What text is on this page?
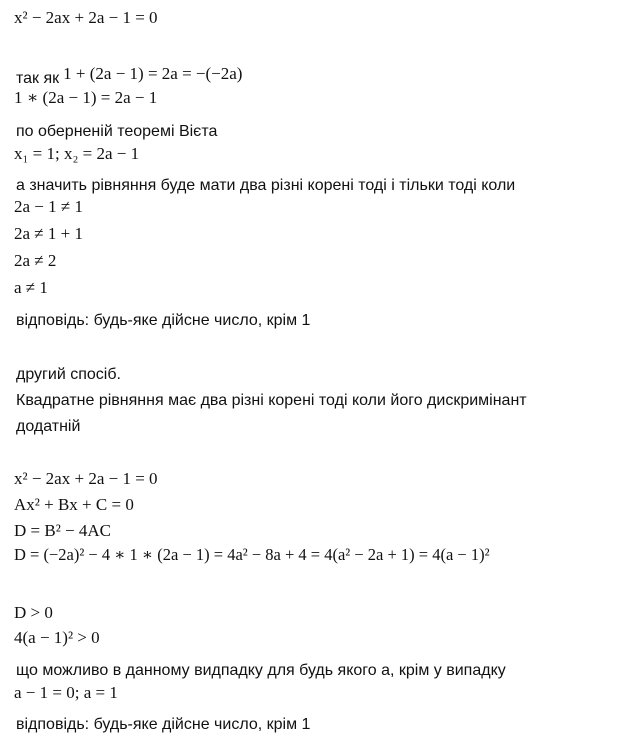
x² − 2ax + 2a − 1 = 0
так як 1 + (2a − 1) = 2a = −(−2a)
1 ∗ (2a − 1) = 2a − 1
по оберненій теоремі Вієта
x₁ = 1; x₂ = 2a − 1
а значить рівняння буде мати два різні корені тоді і тільки тоді коли
2a − 1 ≠ 1
2a ≠ 1 + 1
2a ≠ 2
a ≠ 1
відповідь: будь-яке дійсне число, крім 1
другий спосіб.
Квадратне рівняння має два різні корені тоді коли його дискримінант
додатній
x² − 2ax + 2a − 1 = 0
Ax² + Bx + C = 0
D = B² − 4AC
D = (−2a)² − 4 ∗ 1 ∗ (2a − 1) = 4a² − 8a + 4 = 4(a² − 2a + 1) = 4(a − 1)²
D > 0
4(a − 1)² > 0
що можливо в данному видпадку для будь якого а, крім у випадку
a − 1 = 0; a = 1
відповідь: будь-яке дійсне число, крім 1
